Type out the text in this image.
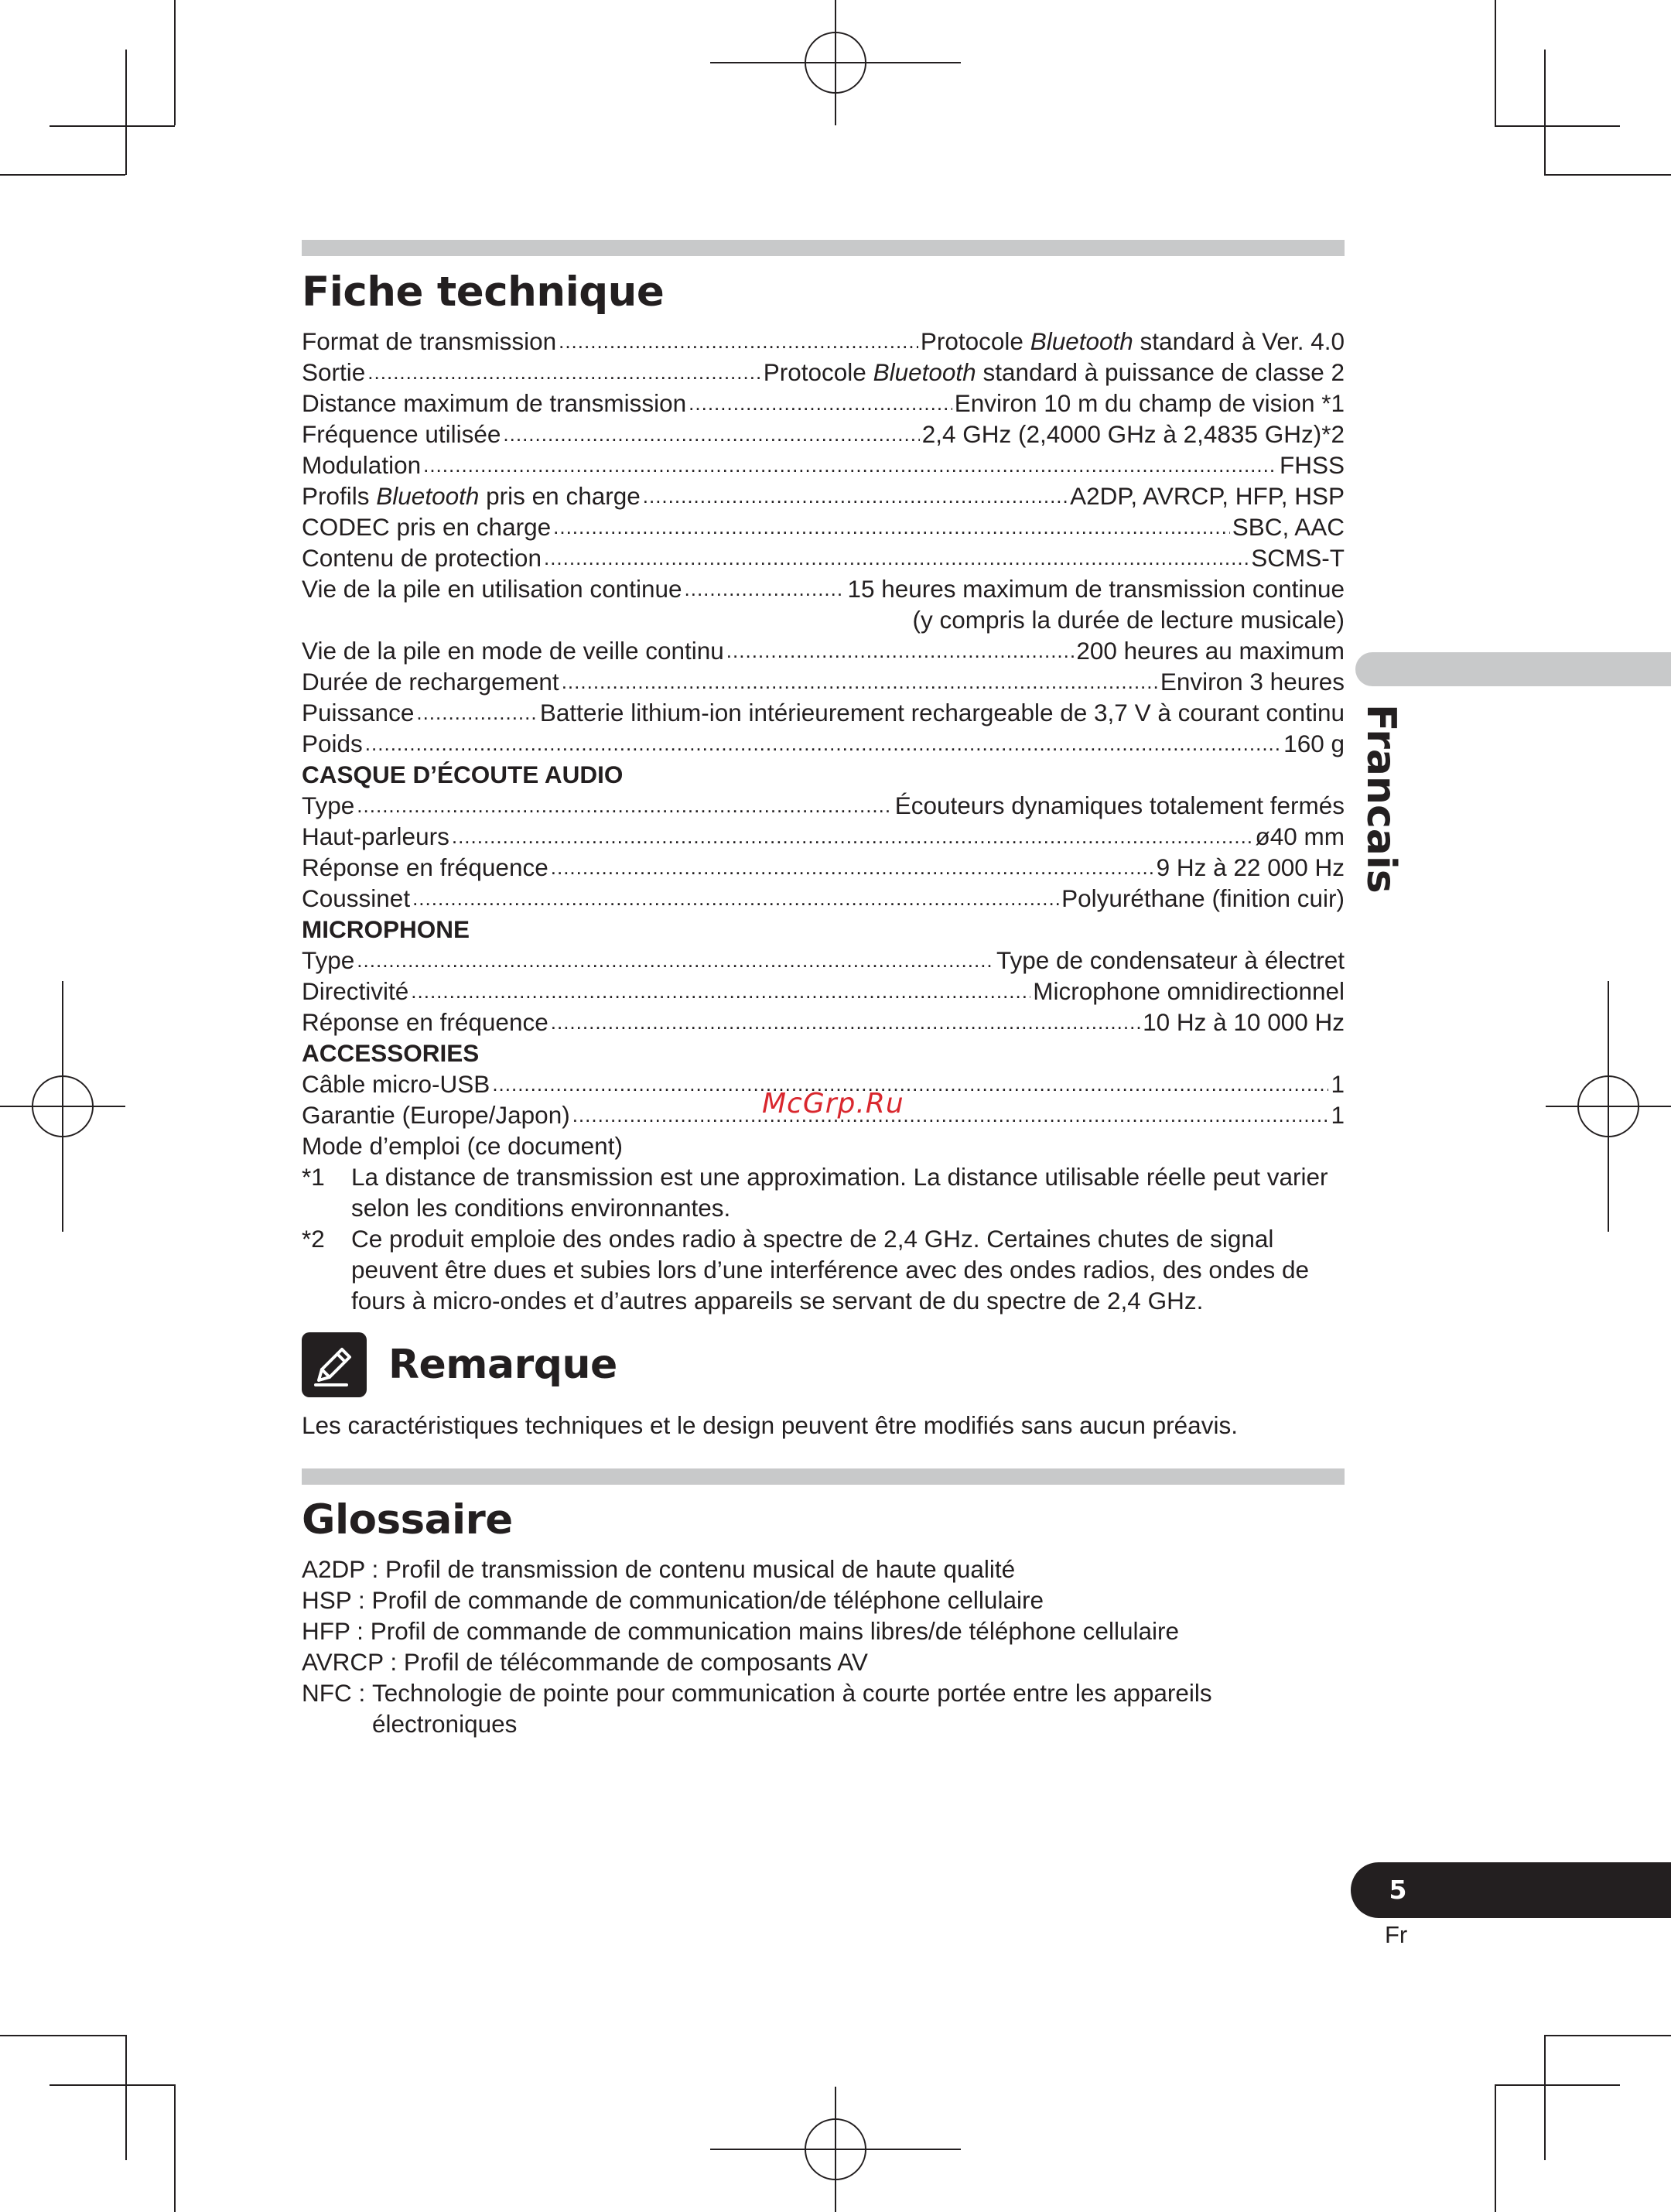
Fiche technique
Format de transmission .....	Protocole Bluetooth standard à Ver. 4.0
Sortie .....	Protocole Bluetooth standard à puissance de classe 2
Distance maximum de transmission .....	Environ 10 m du champ de vision *1
Fréquence utilisée .....	2,4 GHz (2,4000 GHz à 2,4835 GHz)*2
Modulation .....	FHSS
Profils Bluetooth pris en charge .....	A2DP, AVRCP, HFP, HSP
CODEC pris en charge .....	SBC, AAC
Contenu de protection .....	SCMS-T
Vie de la pile en utilisation continue .....	15 heures maximum de transmission continue
(y compris la durée de lecture musicale)
Vie de la pile en mode de veille continu .....	200 heures au maximum
Durée de rechargement .....	Environ 3 heures
Puissance .....	Batterie lithium-ion intérieurement rechargeable de 3,7 V à courant continu
Poids .....	160 g
CASQUE D’ÉCOUTE AUDIO
Type .....	Écouteurs dynamiques totalement fermés
Haut-parleurs .....	ø40 mm
Réponse en fréquence .....	9 Hz à 22 000 Hz
Coussinet .....	Polyuréthane (finition cuir)
MICROPHONE
Type .....	Type de condensateur à électret
Directivité .....	Microphone omnidirectionnel
Réponse en fréquence .....	10 Hz à 10 000 Hz
ACCESSORIES
Câble micro-USB .....	1
Garantie (Europe/Japon) .....	1
Mode d’emploi (ce document)
*1	La distance de transmission est une approximation. La distance utilisable réelle peut varier selon les conditions environnantes.
*2	Ce produit emploie des ondes radio à spectre de 2,4 GHz. Certaines chutes de signal peuvent être dues et subies lors d’une interférence avec des ondes radios, des ondes de fours à micro-ondes et d’autres appareils se servant de du spectre de 2,4 GHz.
McGrp.Ru
Remarque
Les caractéristiques techniques et le design peuvent être modifiés sans aucun préavis.
Glossaire
A2DP : Profil de transmission de contenu musical de haute qualité
HSP : Profil de commande de communication/de téléphone cellulaire
HFP : Profil de commande de communication mains libres/de téléphone cellulaire
AVRCP : Profil de télécommande de composants AV
NFC : Technologie de pointe pour communication à courte portée entre les appareils électroniques
Francais
5
Fr
